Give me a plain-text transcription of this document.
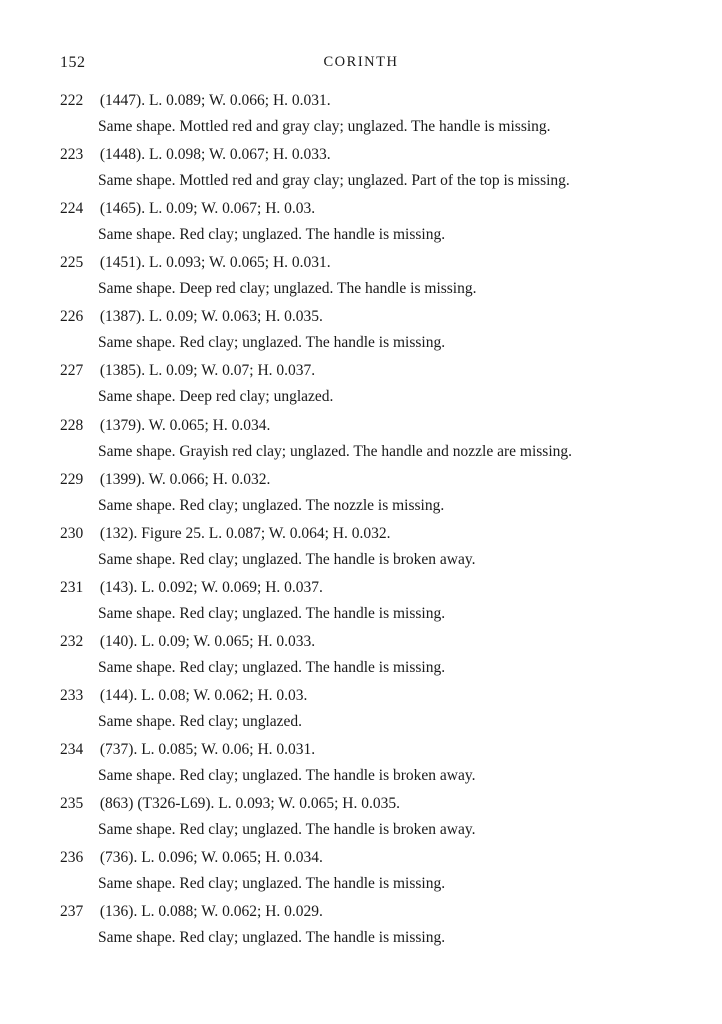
152	CORINTH
222 (1447). L. 0.089; W. 0.066; H. 0.031.
Same shape. Mottled red and gray clay; unglazed. The handle is missing.
223 (1448). L. 0.098; W. 0.067; H. 0.033.
Same shape. Mottled red and gray clay; unglazed. Part of the top is missing.
224 (1465). L. 0.09; W. 0.067; H. 0.03.
Same shape. Red clay; unglazed. The handle is missing.
225 (1451). L. 0.093; W. 0.065; H. 0.031.
Same shape. Deep red clay; unglazed. The handle is missing.
226 (1387). L. 0.09; W. 0.063; H. 0.035.
Same shape. Red clay; unglazed. The handle is missing.
227 (1385). L. 0.09; W. 0.07; H. 0.037.
Same shape. Deep red clay; unglazed.
228 (1379). W. 0.065; H. 0.034.
Same shape. Grayish red clay; unglazed. The handle and nozzle are missing.
229 (1399). W. 0.066; H. 0.032.
Same shape. Red clay; unglazed. The nozzle is missing.
230 (132). Figure 25. L. 0.087; W. 0.064; H. 0.032.
Same shape. Red clay; unglazed. The handle is broken away.
231 (143). L. 0.092; W. 0.069; H. 0.037.
Same shape. Red clay; unglazed. The handle is missing.
232 (140). L. 0.09; W. 0.065; H. 0.033.
Same shape. Red clay; unglazed. The handle is missing.
233 (144). L. 0.08; W. 0.062; H. 0.03.
Same shape. Red clay; unglazed.
234 (737). L. 0.085; W. 0.06; H. 0.031.
Same shape. Red clay; unglazed. The handle is broken away.
235 (863) (T326-L69). L. 0.093; W. 0.065; H. 0.035.
Same shape. Red clay; unglazed. The handle is broken away.
236 (736). L. 0.096; W. 0.065; H. 0.034.
Same shape. Red clay; unglazed. The handle is missing.
237 (136). L. 0.088; W. 0.062; H. 0.029.
Same shape. Red clay; unglazed. The handle is missing.
